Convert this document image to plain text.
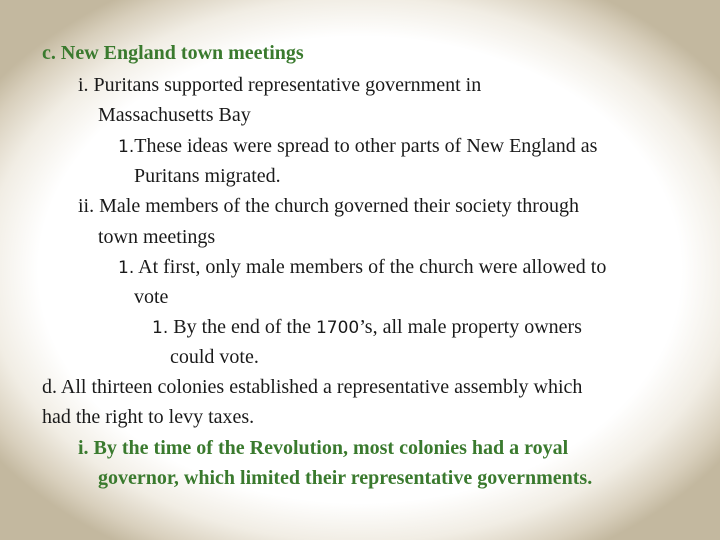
c. New England town meetings
i. Puritans supported representative government in
Massachusetts Bay
1.These ideas were spread to other parts of New England as
Puritans migrated.
ii. Male members of the church governed their society through
town meetings
1. At first, only male members of the church were allowed to
vote
1. By the end of the 1700’s, all male property owners
could vote.
d. All thirteen colonies established a representative assembly which
had the right to levy taxes.
i. By the time of the Revolution, most colonies had a royal
governor, which limited their representative governments.
